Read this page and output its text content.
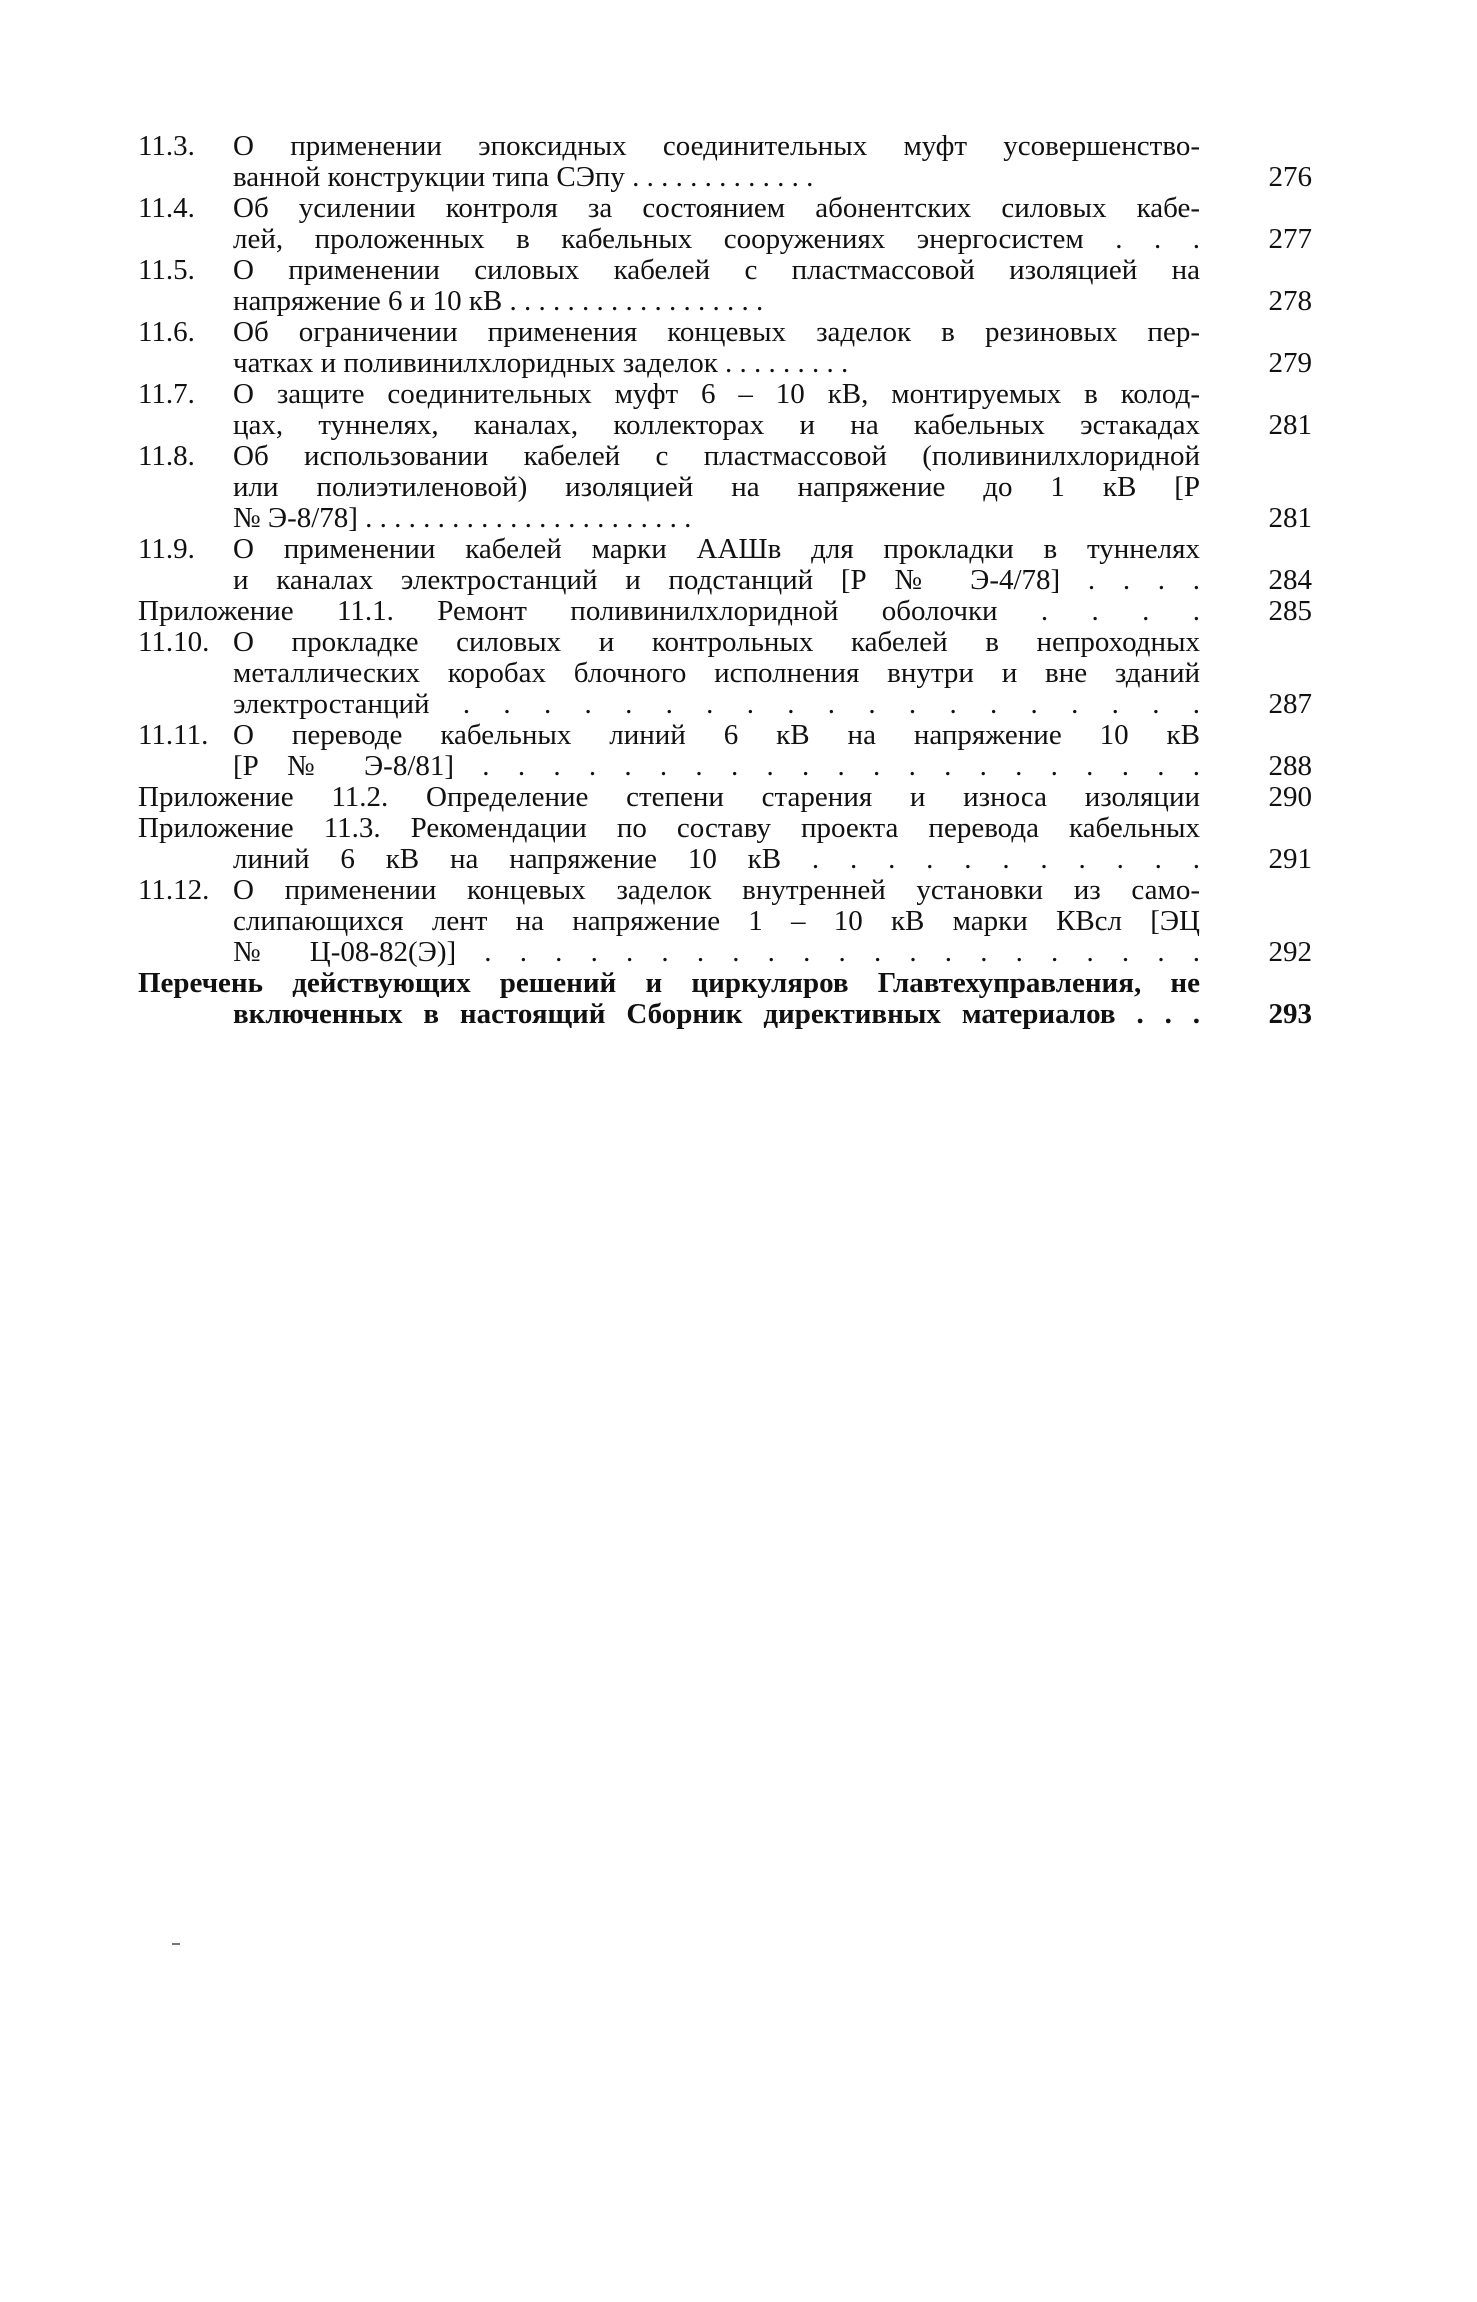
11.3. О применении эпоксидных соединительных муфт усовершенство-
ванной конструкции типа СЭпу . . . . . . . . . . . . .	276
11.4. Об усилении контроля за состоянием абонентских силовых кабе-
лей, проложенных в кабельных сооружениях энергосистем . . . 277
11.5. О применении силовых кабелей с пластмассовой изоляцией на
напряжение 6 и 10 кВ . . . . . . . . . . . . . . . . . .	278
11.6. Об ограничении применения концевых заделок в резиновых пер-
чатках и поливинилхлоридных заделок . . . . . . . . .	279
11.7. О защите соединительных муфт 6 – 10 кВ, монтируемых в колод-
цах, туннелях, каналах, коллекторах и на кабельных эстакадах 281
11.8. Об использовании кабелей с пластмассовой (поливинилхлоридной
или полиэтиленовой) изоляцией на напряжение до 1 кВ [Р
№ Э-8/78] . . . . . . . . . . . . . . . . . . . . . . .	281
11.9. О применении кабелей марки ААШв для прокладки в туннелях
и каналах электростанций и подстанций [Р № Э-4/78] . . . . 284
Приложение 11.1. Ремонт поливинилхлоридной оболочки . . . . 285
11.10. О прокладке силовых и контрольных кабелей в непроходных
металлических коробах блочного исполнения внутри и вне зданий
электростанций . . . . . . . . . . . . . . . . . . . 287
11.11. О переводе кабельных линий 6 кВ на напряжение 10 кВ
[Р № Э-8/81] . . . . . . . . . . . . . . . . . . . . . 288
Приложение 11.2. Определение степени старения и износа изоляции 290
Приложение 11.3. Рекомендации по составу проекта перевода кабельных
линий 6 кВ на напряжение 10 кВ . . . . . . . . . . . 291
11.12. О применении концевых заделок внутренней установки из само-
слипающихся лент на напряжение 1 – 10 кВ марки КВсл [ЭЦ
№ Ц-08-82(Э)] . . . . . . . . . . . . . . . . . . . . . 292
Перечень действующих решений и циркуляров Главтехуправления, не
включенных в настоящий Сборник директивных материалов . . . 293
